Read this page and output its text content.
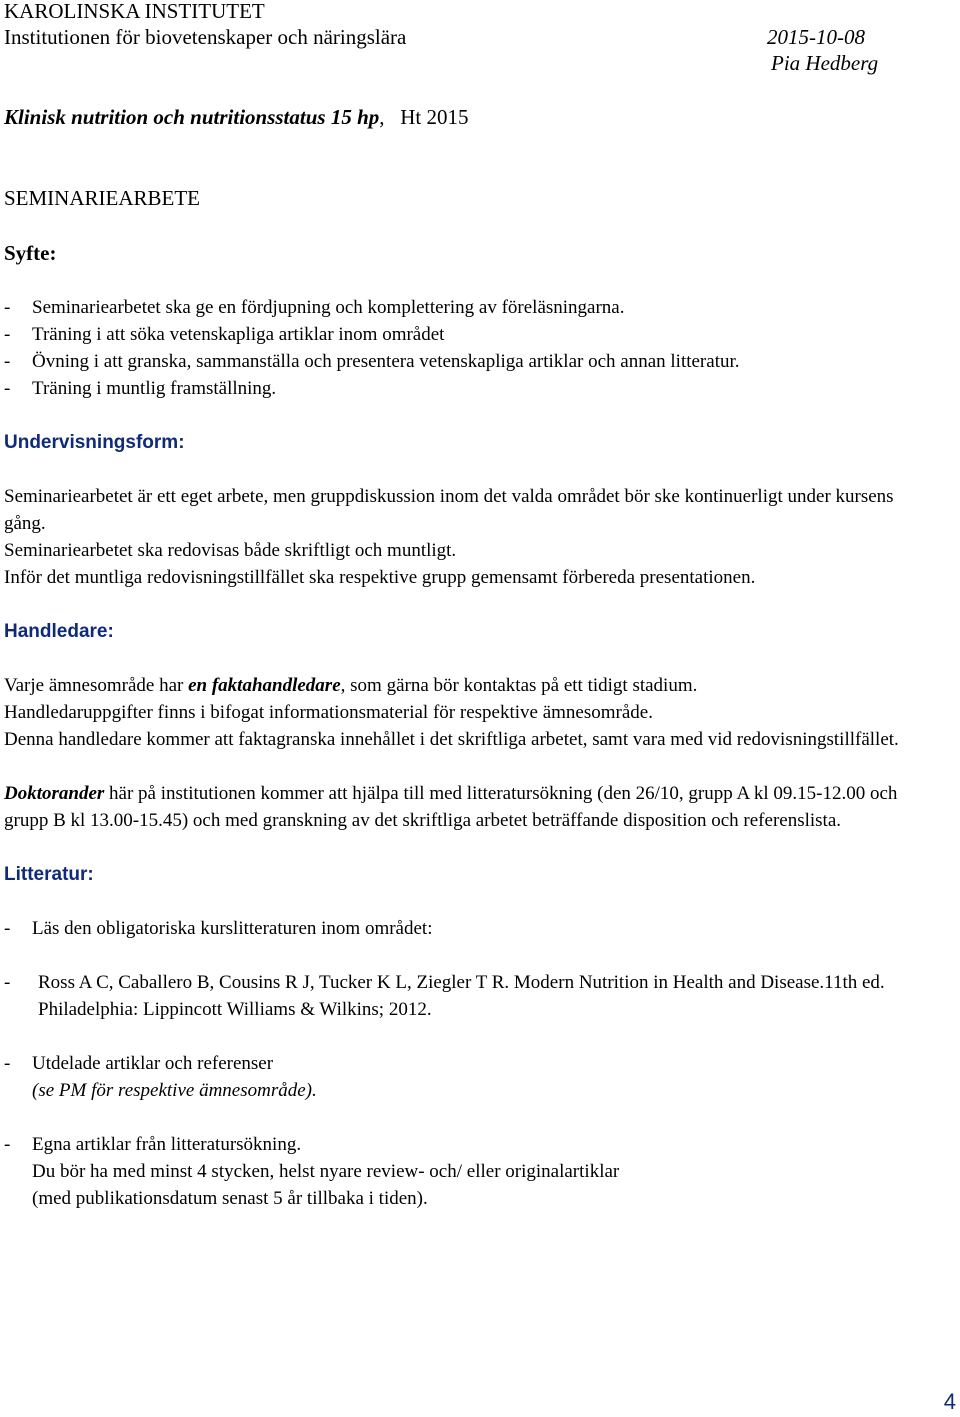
KAROLINSKA INSTITUTET
Institutionen för biovetenskaper och näringslära	2015-10-08
Pia Hedberg
Klinisk nutrition och nutritionsstatus 15 hp, Ht 2015
SEMINARIEARBETE
Syfte:
- Seminariearbetet ska ge en fördjupning och komplettering av föreläsningarna.
- Träning i att söka vetenskapliga artiklar inom området
- Övning i att granska, sammanställa och presentera vetenskapliga artiklar och annan litteratur.
- Träning i muntlig framställning.
Undervisningsform:

Seminariearbetet är ett eget arbete, men gruppdiskussion inom det valda området bör ske kontinuerligt under kursens gång.

Seminariearbetet ska redovisas både skriftligt och muntligt.

Inför det muntliga redovisningstillfället ska respektive grupp gemensamt förbereda presentationen.

Handledare:

Varje ämnesområde har en faktahandledare, som gärna bör kontaktas på ett tidigt stadium.

Handledaruppgifter finns i bifogat informationsmaterial för respektive ämnesområde.

Denna handledare kommer att faktagranska innehållet i det skriftliga arbetet, samt vara med vid redovisningstillfället.

Doktorander här på institutionen kommer att hjälpa till med litteratursökning (den 26/10, grupp A kl 09.15-12.00 och grupp B kl 13.00-15.45) och med granskning av det skriftliga arbetet beträffande disposition och referenslista.

Litteratur:
- Läs den obligatoriska kurslitteraturen inom området:
- Ross A C, Caballero B, Cousins R J, Tucker K L, Ziegler T R. Modern Nutrition in Health and Disease.11th ed. Philadelphia: Lippincott Williams & Wilkins; 2012.
- Utdelade artiklar och referenser
(se PM för respektive ämnesområde).
- Egna artiklar från litteratursökning.
Du bör ha med minst 4 stycken, helst nyare review- och/ eller originalartiklar
(med publikationsdatum senast 5 år tillbaka i tiden).
4
